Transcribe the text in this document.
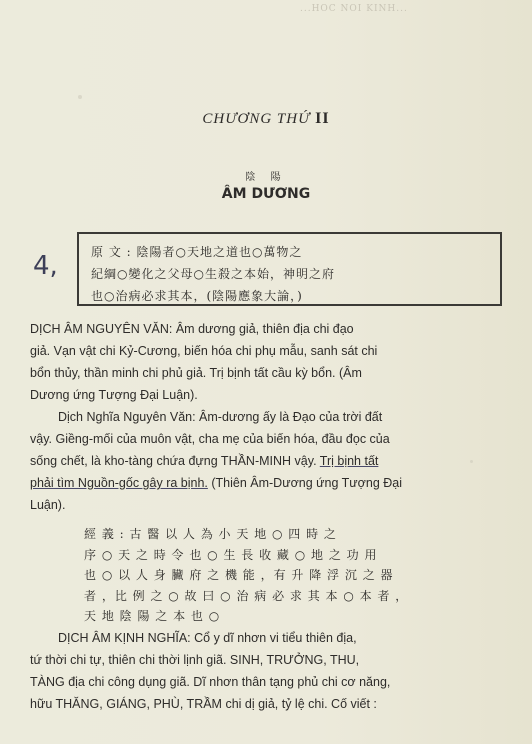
...HOC NOI KINH...
CHƯƠNG THỨ II
陰 陽
ÂM DƯƠNG
4,	原 文 : 陰陽者○天地之道也○萬物之

紀綱○變化之父母○生殺之本始，神明之府

也○治病必求其本，(陰陽應象大論，)

DỊCH ÂM NGUYÊN VĂN: Âm dương giả, thiên địa chi đạo

giả. Vạn vật chi Kỷ-Cương, biến hóa chi phụ mẫu, sanh sát chi

bổn thủy, thần minh chi phủ giả. Trị bịnh tất cầu kỳ bổn. (Âm

Dương ứng Tượng Đại Luận).

Dịch Nghĩa Nguyên Văn: Âm-dương ấy là Đạo của trời đất

vậy. Giềng-mối của muôn vật, cha mẹ của biến hóa, đầu đọc của

sống chết, là kho-tàng chứa đựng THẦN-MINH vậy. Trị bịnh tất

phải tìm Nguồn-gốc gây ra bịnh. (Thiên Âm-Dương ứng Tượng Đại

Luận).

經 義 : 古 醫 以 人 為 小 天 地 ○ 四 時 之

序 ○ 天 之 時 令 也 ○ 生 長 收 藏 ○ 地 之 功 用

也 ○ 以 人 身 臟 府 之 機 能 ，有 升 降 浮 沉 之 器

者 ，比 例 之 ○ 故 曰 ○ 治 病 必 求 其 本 ○ 本 者 ，

天 地 陰 陽 之 本 也 ○

DỊCH ÂM KỊNH NGHĨA: Cổ y dĩ nhơn vi tiểu thiên địa,

tứ thời chi tự, thiên chi thời lịnh giã. SINH, TRƯỞNG, THU,

TÀNG địa chi công dụng giã. Dĩ nhơn thân tạng phủ chi cơ năng,

hữu THĂNG, GIÁNG, PHÙ, TRẦM chi dị giả, tỷ lệ chi. Cố viết :
